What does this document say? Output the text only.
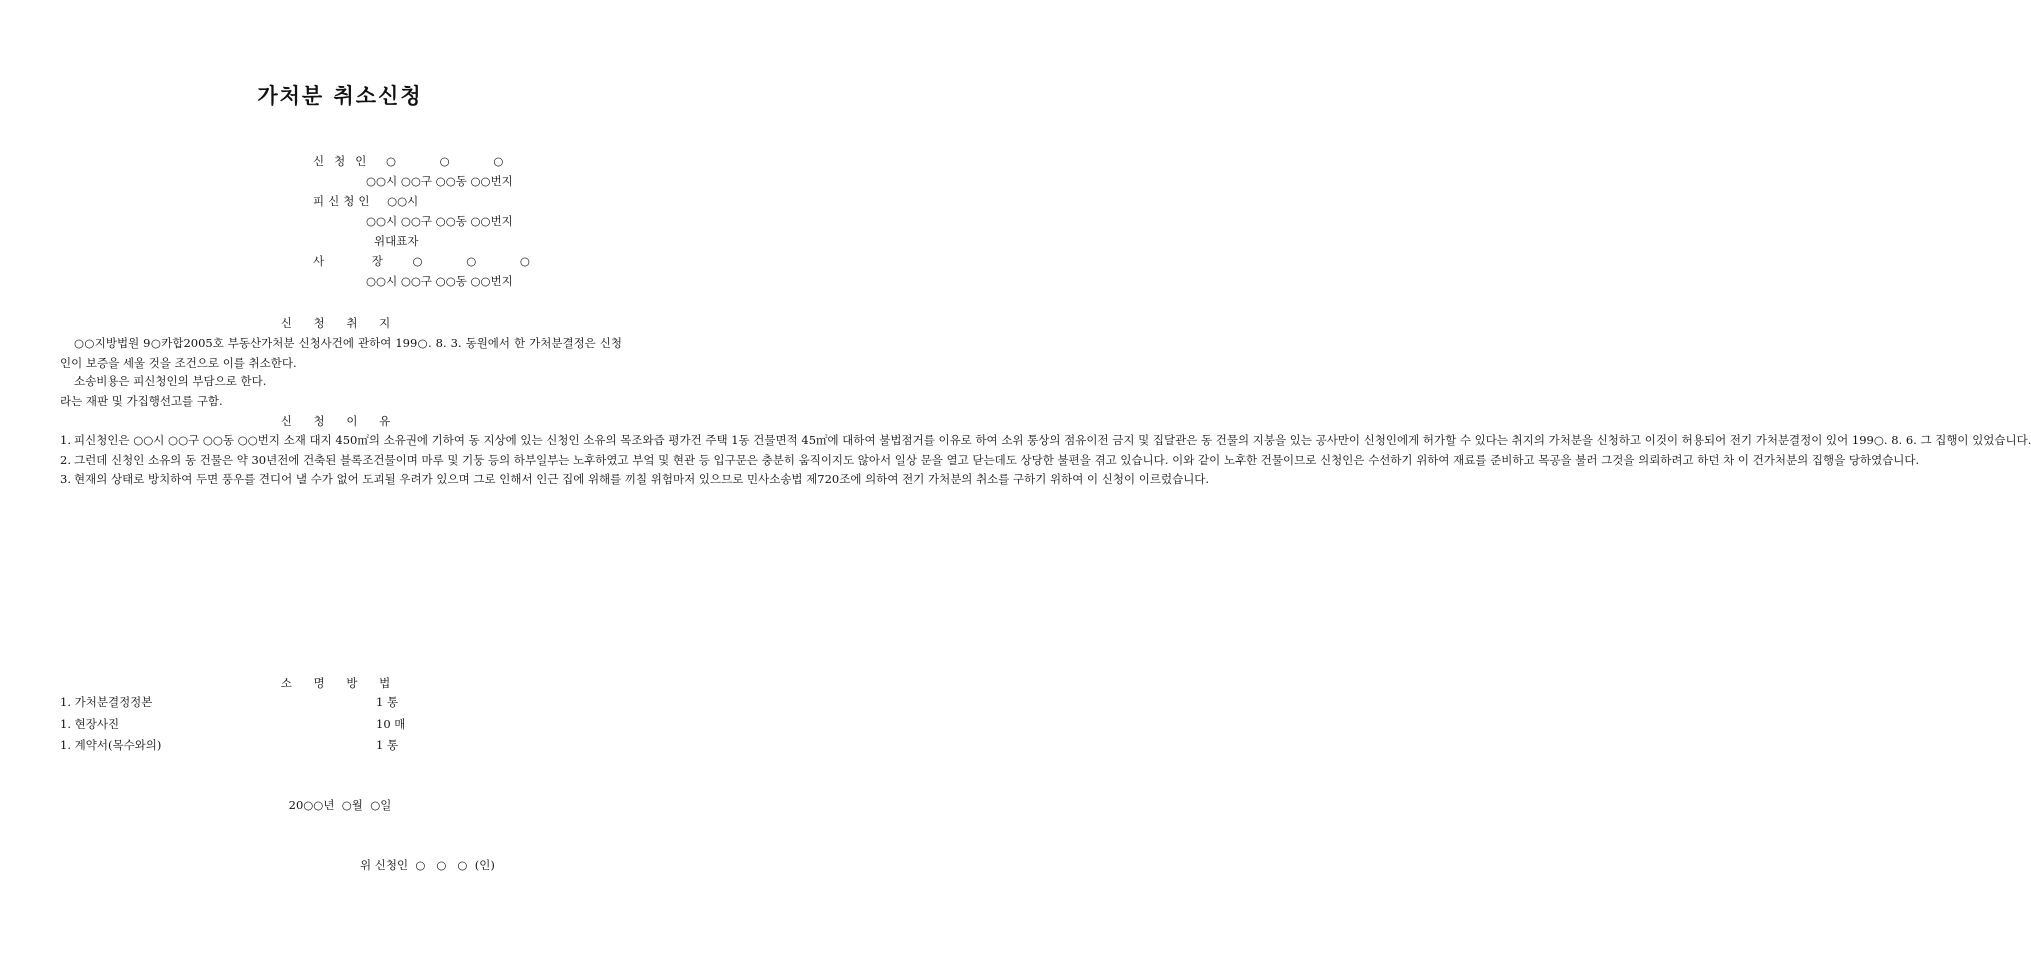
가처분 취소신청
신청인 ○ ○ ○
○○시 ○○구 ○○동 ○○번지
피신청인 ○○시
○○시 ○○구 ○○동 ○○번지
위대표자
사 장 ○ ○ ○
○○시 ○○구 ○○동 ○○번지
신 청 취 지
○○지방법원 9○카합2005호 부동산가처분 신청사건에 관하여 199○. 8. 3. 동원에서 한 가처분결정은 신청인이 보증을 세울 것을 조건으로 이를 취소한다.
소송비용은 피신청인의 부담으로 한다.
라는 재판 및 가집행선고를 구함.
신 청 이 유
1. 피신청인은 ○○시 ○○구 ○○동 ○○번지 소재 대지 450㎡의 소유권에 기하여 동 지상에 있는 신청인 소유의 목조와즙 평가건 주택 1동 건물면적 45㎡에 대하여 불법점거를 이유로 하여 소위 통상의 점유이전 금지 및 집달관은 동 건물의 지붕을 있는 공사만이 신청인에게 허가할 수 있다는 취지의 가처분을 신청하고 이것이 허용되어 전기 가처분결정이 있어 199○. 8. 6. 그 집행이 있었습니다.
2. 그런데 신청인 소유의 동 건물은 약 30년전에 건축된 블록조건물이며 마루 및 기둥 등의 하부일부는 노후하였고 부엌 및 현관 등 입구문은 충분히 움직이지도 않아서 일상 문을 열고 닫는데도 상당한 불편을 겪고 있습니다. 이와 같이 노후한 건물이므로 신청인은 수선하기 위하여 재료를 준비하고 목공을 불러 그것을 의뢰하려고 하던 차 이 건가처분의 집행을 당하였습니다.
3. 현재의 상태로 방치하여 두면 풍우를 견디어 낼 수가 없어 도괴될 우려가 있으며 그로 인해서 인근 집에 위해를 끼칠 위험마저 있으므로 민사소송법 제720조에 의하여 전기 가처분의 취소를 구하기 위하여 이 신청이 이르렀습니다.
소 명 방 법
1. 가처분결정정본	1 통
1. 현장사진	10 매
1. 계약서(목수와의)	1 통
20○○년  ○월  ○일
위 신청인  ○   ○   ○  (인)
